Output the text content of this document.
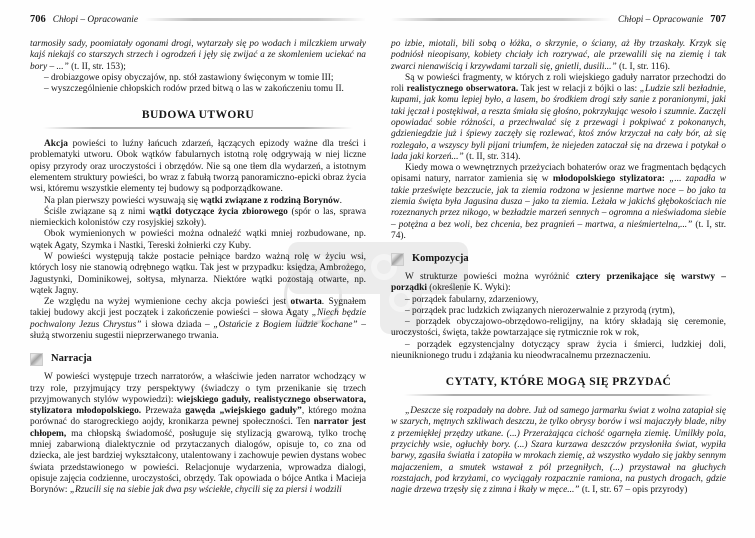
706 Chłopi – Opracowanie

tarmosiły sady, poomiatały ogonami drogi, wytarzały się po wodach i milczkiem urwały kajś niekajś co starszych strzech i ogrodzeń i jęły się zwijać a ze skomleniem uciekać na bory – ...” (t. II, str. 153);

– drobiazgowe opisy obyczajów, np. stół zastawiony święconym w tomie III;

– wyszczególnienie chłopskich rodów przed bitwą o las w zakończeniu tomu II.

BUDOWA UTWORU

Akcja powieści to luźny łańcuch zdarzeń, łączących epizody ważne dla treści i problematyki utworu. Obok wątków fabularnych istotną rolę odgrywają w niej liczne opisy przyrody oraz uroczystości i obrzędów. Nie są one tłem dla wydarzeń, a istotnym elementem struktury powieści, bo wraz z fabułą tworzą panoramiczno-epicki obraz życia wsi, któremu wszystkie elementy tej budowy są podporządkowane.

Na plan pierwszy powieści wysuwają się wątki związane z rodziną Borynów.

Ściśle związane są z nimi wątki dotyczące życia zbiorowego (spór o las, sprawa niemieckich kolonistów czy rosyjskiej szkoły).

Obok wymienionych w powieści można odnaleźć wątki mniej rozbudowane, np. wątek Agaty, Szymka i Nastki, Tereski żołnierki czy Kuby.

W powieści występują także postacie pełniące bardzo ważną rolę w życiu wsi, których losy nie stanowią odrębnego wątku. Tak jest w przypadku: księdza, Ambrożego, Jagustynki, Dominikowej, sołtysa, młynarza. Niektóre wątki pozostają otwarte, np. wątek Jagny.

Ze względu na wyżej wymienione cechy akcja powieści jest otwarta. Sygnałem takiej budowy akcji jest początek i zakończenie powieści – słowa Agaty „Niech będzie pochwalony Jezus Chrystus” i słowa dziada – „Ostańcie z Bogiem ludzie kochane” – służą stworzeniu sugestii nieprzerwanego trwania.

Narracja

W powieści występuje trzech narratorów, a właściwie jeden narrator wchodzący w trzy role, przyjmujący trzy perspektywy (świadczy o tym przenikanie się trzech przyjmowanych stylów wypowiedzi): wiejskiego gaduły, realistycznego obserwatora, stylizatora młodopolskiego. Przeważa gawęda „wiejskiego gaduły”, którego można porównać do starogreckiego aojdy, kronikarza pewnej społeczności. Ten narrator jest chłopem, ma chłopską świadomość, posługuje się stylizacją gwarową, tylko trochę mniej zabarwioną dialektycznie od przytaczanych dialogów, opisuje to, co zna od dziecka, ale jest bardziej wykształcony, utalentowany i zachowuje pewien dystans wobec świata przedstawionego w powieści. Relacjonuje wydarzenia, wprowadza dialogi, opisuje zajęcia codzienne, uroczystości, obrzędy. Tak opowiada o bójce Antka i Macieja Borynów: „Rzucili się na siebie jak dwa psy wściekłe, chycili się za piersi i wodzili

Chłopi – Opracowanie 707

po izbie, miotali, bili sobą o łóżka, o skrzynie, o ściany, aż łby trzaskały. Krzyk się podniósł nieopisany, kobiety chciały ich rozrywać, ale przewalili się na ziemię i tak zwarci nienawiścią i krzywdami tarzali się, gnietli, dusili...” (t. I, str. 116).

Są w powieści fragmenty, w których z roli wiejskiego gaduły narrator przechodzi do roli realistycznego obserwatora. Tak jest w relacji z bójki o las: „Ludzie szli bezładnie, kupami, jak komu lepiej było, a lasem, bo środkiem drogi szły sanie z poranionymi, jaki taki jęczał i postękiwał, a reszta śmiała się głośno, pokrzykując wesoło i szumnie. Zaczęli opowiadać sobie różności, a przechwalać się z przewagi i pokpiwać z pokonanych, gdzieniegdzie już i śpiewy zaczęły się rozlewać, ktoś znów krzyczał na cały bór, aż się rozlegało, a wszyscy byli pijani triumfem, że niejeden zataczał się na drzewa i potykał o lada jaki korzeń...” (t. II, str. 314).

Kiedy mowa o wewnętrznych przeżyciach bohaterów oraz we fragmentach będących opisami natury, narrator zamienia się w młodopolskiego stylizatora: „... zapadła w takie prześwięte bezczucie, jak ta ziemia rodzona w jesienne martwe noce – bo jako ta ziemia święta była Jagusina dusza – jako ta ziemia. Leżała w jakichś głębokościach nie rozeznanych przez nikogo, w bezładzie marzeń sennych – ogromna a nieświadoma siebie – potężna a bez woli, bez chcenia, bez pragnień – martwa, a nieśmiertelna,...” (t. I, str. 74).

Kompozycja

W strukturze powieści można wyróżnić cztery przenikające się warstwy – porządki (określenie K. Wyki):

– porządek fabularny, zdarzeniowy,

– porządek prac ludzkich związanych nierozerwalnie z przyrodą (rytm),

– porządek obyczajowo-obrzędowo-religijny, na który składają się ceremonie, uroczystości, święta, także powtarzające się rytmicznie rok w rok,

– porządek egzystencjalny dotyczący spraw życia i śmierci, ludzkiej doli, nieuniknionego trudu i zdążania ku nieodwracalnemu przeznaczeniu.

CYTATY, KTÓRE MOGĄ SIĘ PRZYDAĆ

„Deszcze się rozpadały na dobre. Już od samego jarmarku świat z wolna zatapiał się w szarych, mętnych szkliwach deszczu, że tylko obrysy borów i wsi majaczyły blade, niby z przemiękłej przędzy utkane. (...) Przerażająca cichość ogarnęła ziemię. Umilkły pola, przycichły wsie, ogłuchły bory. (...) Szara kurzawa deszczów przysłoniła świat, wypiła barwy, zgasiła światła i zatopiła w mrokach ziemię, aż wszystko wydało się jakby sennym majaczeniem, a smutek wstawał z pól przegniłych, (...) przystawał na głuchych rozstajach, pod krzyżami, co wyciągały rozpacznie ramiona, na pustych drogach, gdzie nagie drzewa trzęsły się z zimna i łkały w męce...” (t. I, str. 67 – opis przyrody)
